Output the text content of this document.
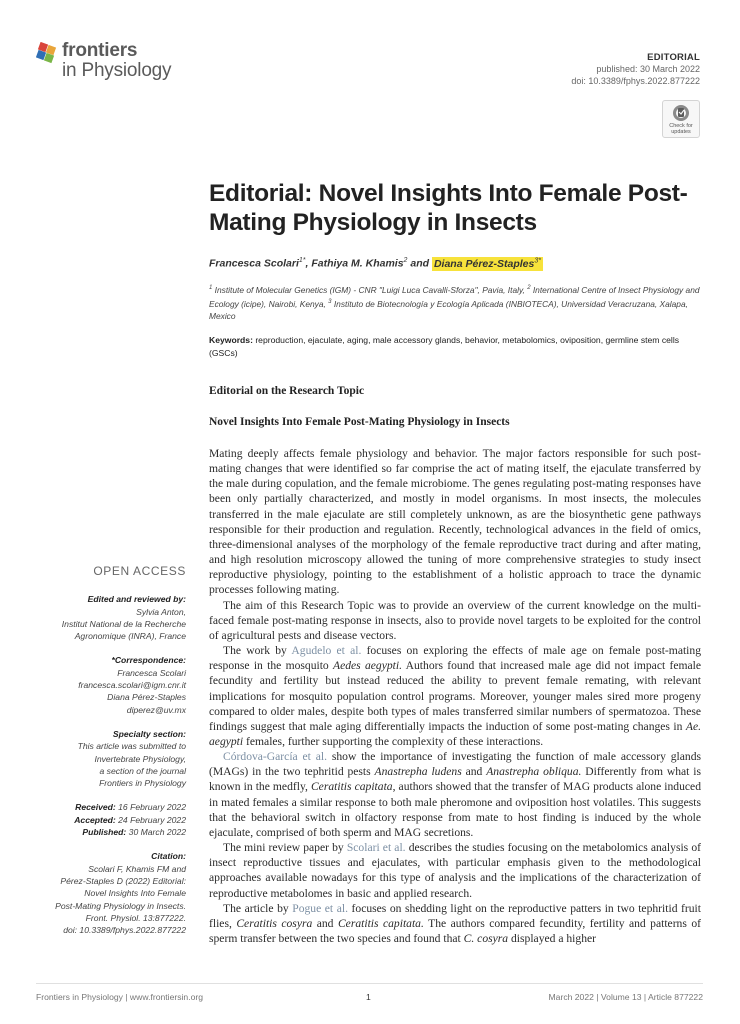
frontiers
in Physiology
EDITORIAL
published: 30 March 2022
doi: 10.3389/fphys.2022.877222
Check for
updates
Editorial: Novel Insights Into Female Post-Mating Physiology in Insects
Francesca Scolari$^{1*}$, Fathiya M. Khamis$^2$ and Diana Pérez-Staples$^{3*}$
$^1$ Institute of Molecular Genetics (IGM) - CNR "Luigi Luca Cavalli-Sforza", Pavia, Italy, $^2$ International Centre of Insect Physiology and Ecology (icipe), Nairobi, Kenya, $^3$ Instituto de Biotecnología y Ecología Aplicada (INBIOTECA), Universidad Veracruzana, Xalapa, Mexico
Keywords: reproduction, ejaculate, aging, male accessory glands, behavior, metabolomics, oviposition, germline stem cells (GSCs)
Editorial on the Research Topic
Novel Insights Into Female Post-Mating Physiology in Insects

Mating deeply affects female physiology and behavior. The major factors responsible for such post-mating changes that were identified so far comprise the act of mating itself, the ejaculate transferred by the male during copulation, and the female microbiome. The genes regulating post-mating responses have been only partially characterized, and mostly in model organisms. In most insects, the molecules transferred in the male ejaculate are still completely unknown, as are the biosynthetic gene pathways responsible for their production and regulation. Recently, technological advances in the field of omics, three-dimensional analyses of the morphology of the female reproductive tract during and after mating, and high resolution microscopy allowed the tuning of more comprehensive strategies to study insect reproductive physiology, pointing to the establishment of a holistic approach to trace the dynamic processes following mating.

The aim of this Research Topic was to provide an overview of the current knowledge on the multi-faced female post-mating response in insects, also to provide novel targets to be exploited for the control of agricultural pests and disease vectors.

The work by Agudelo et al. focuses on exploring the effects of male age on female post-mating response in the mosquito Aedes aegypti. Authors found that increased male age did not impact female fecundity and fertility but instead reduced the ability to prevent female remating, with relevant implications for mosquito population control programs. Moreover, younger males sired more progeny compared to older males, despite both types of males transferred similar numbers of spermatozoa. These findings suggest that male aging differentially impacts the induction of some post-mating changes in Ae. aegypti females, further supporting the complexity of these interactions.

Córdova-García et al. show the importance of investigating the function of male accessory glands (MAGs) in the two tephritid pests Anastrepha ludens and Anastrepha obliqua. Differently from what is known in the medfly, Ceratitis capitata, authors showed that the transfer of MAG products alone induced in mated females a similar response to both male pheromone and oviposition host volatiles. This suggests that the behavioral switch in olfactory response from mate to host finding is induced by the whole ejaculate, comprised of both sperm and MAG secretions.

The mini review paper by Scolari et al. describes the studies focusing on the metabolomics analysis of insect reproductive tissues and ejaculates, with particular emphasis given to the methodological approaches available nowadays for this type of analysis and the implications of the characterization of reproductive metabolomes in basic and applied research.

The article by Pogue et al. focuses on shedding light on the reproductive patters in two tephritid fruit flies, Ceratitis cosyra and Ceratitis capitata. The authors compared fecundity, fertility and patterns of sperm transfer between the two species and found that C. cosyra displayed a higher

OPEN ACCESS
Edited and reviewed by:
Sylvia Anton,
Institut National de la Recherche
Agronomique (INRA), France
*Correspondence:
Francesca Scolari
francesca.scolari@igm.cnr.it
Diana Pérez-Staples
diperez@uv.mx
Specialty section:
This article was submitted to
Invertebrate Physiology,
a section of the journal
Frontiers in Physiology
Received: 16 February 2022
Accepted: 24 February 2022
Published: 30 March 2022
Citation:
Scolari F, Khamis FM and
Pérez-Staples D (2022) Editorial:
Novel Insights Into Female
Post-Mating Physiology in Insects.
Front. Physiol. 13:877222.
doi: 10.3389/fphys.2022.877222
Frontiers in Physiology | www.frontiersin.org	1	March 2022 | Volume 13 | Article 877222
